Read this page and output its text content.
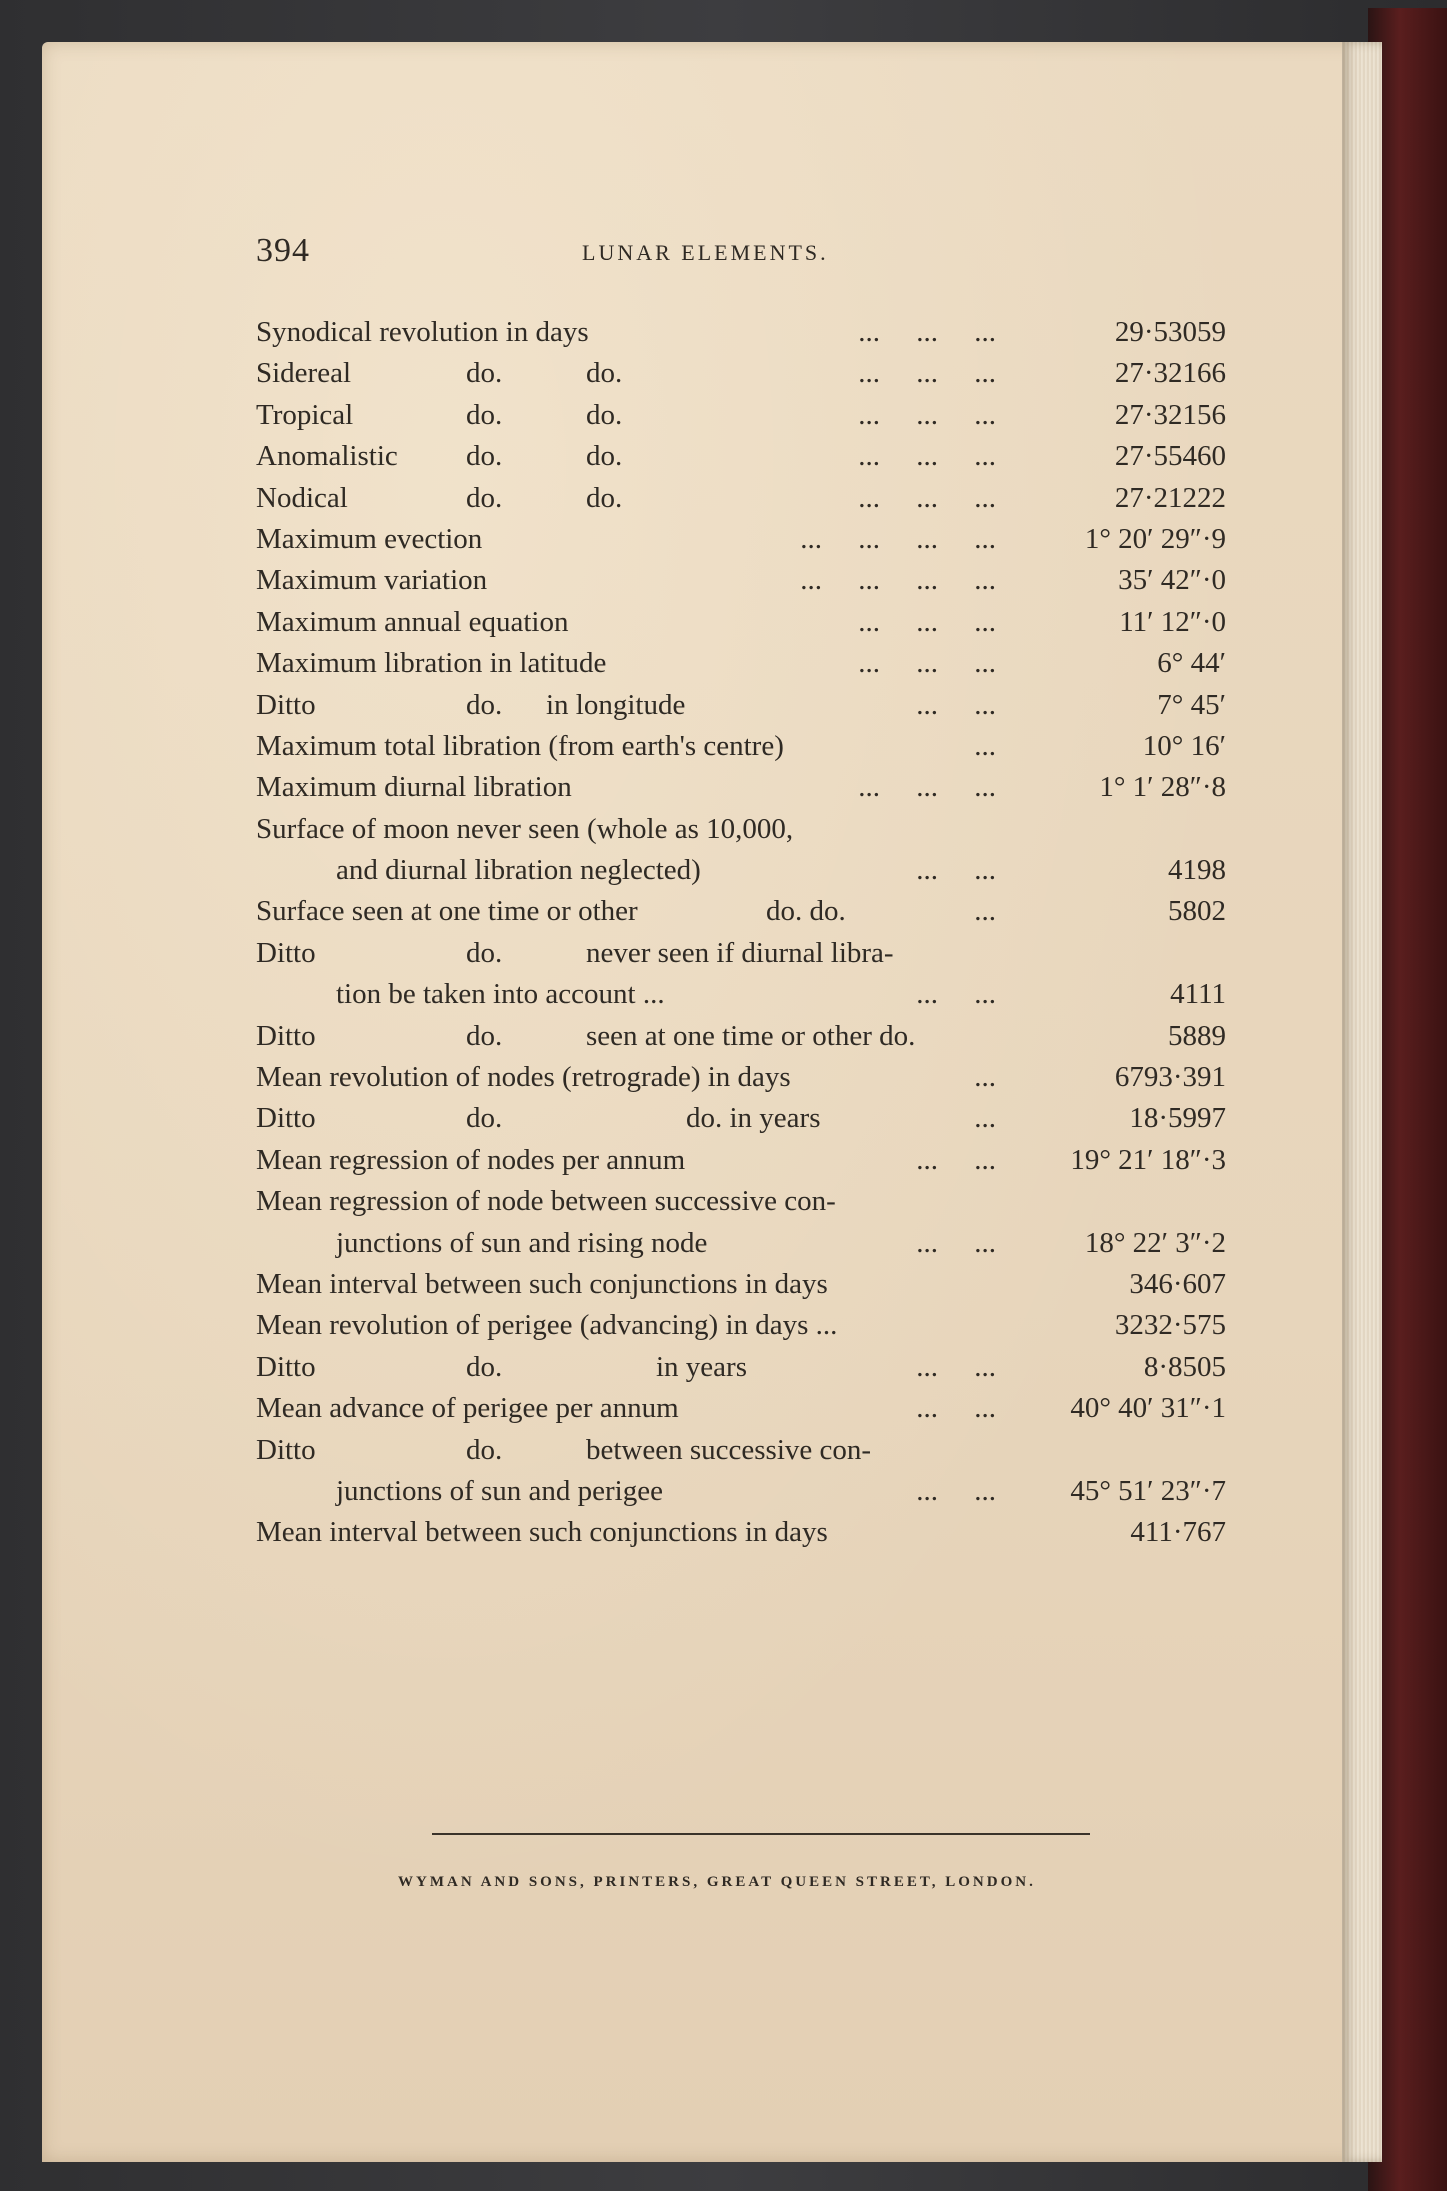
394	LUNAR ELEMENTS.
Synodical revolution in days	...     ...     ...	29·53059
Sidereal	do.	do.	...     ...     ...	27·32166
Tropical	do.	do.	...     ...     ...	27·32156
Anomalistic do.	do.	...     ...     ...	27·55460
Nodical	do.	do.	...     ...     ...	27·21222
Maximum evection	...     ...     ...     ...	1° 20′ 29″·9
Maximum variation	...     ...     ...     ...	35′ 42″·0
Maximum annual equation	...     ...     ...	11′ 12″·0
Maximum libration in latitude	...     ...     ...	6° 44′
Ditto	do. in longitude	...     ...	7° 45′
Maximum total libration (from earth's centre)	...	10° 16′
Maximum diurnal libration	...     ...     ...	1° 1′ 28″·8
Surface of moon never seen (whole as 10,000,
and diurnal libration neglected)	...     ...	4198
Surface seen at one time or other	do. do.	...	5802
Ditto	do.	never seen if diurnal libra-
tion be taken into account ...	...     ...	4111
Ditto	do.	seen at one time or other do.	5889
Mean revolution of nodes (retrograde) in days	...	6793·391
Ditto	do.	do. in years	...	18·5997
Mean regression of nodes per annum	...     ...	19° 21′ 18″·3
Mean regression of node between successive con-
junctions of sun and rising node	...     ...	18° 22′ 3″·2
Mean interval between such conjunctions in days	346·607
Mean revolution of perigee (advancing) in days ...	3232·575
Ditto	do.	in years	...     ...	8·8505
Mean advance of perigee per annum	...     ...	40° 40′ 31″·1
Ditto	do.	between successive con-
junctions of sun and perigee	...     ...	45° 51′ 23″·7
Mean interval between such conjunctions in days	411·767
WYMAN AND SONS, PRINTERS, GREAT QUEEN STREET, LONDON.
